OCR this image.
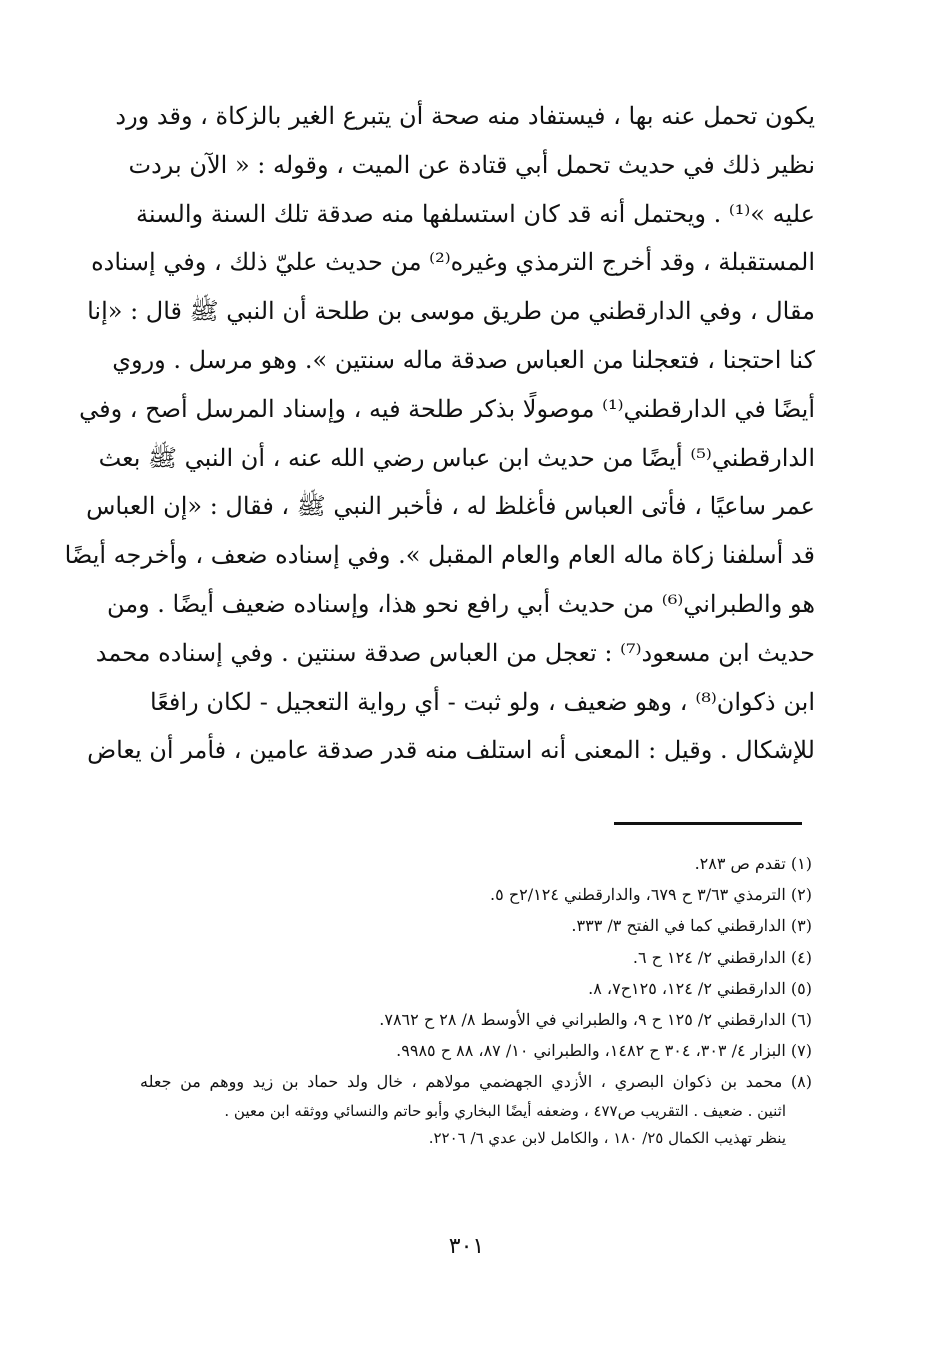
يكون تحمل عنه بها ، فيستفاد منه صحة أن يتبرع الغير بالزكاة ، وقد ورد
نظير ذلك في حديث تحمل أبي قتادة عن الميت ، وقوله : « الآن بردت
عليه »⁽¹⁾ . ويحتمل أنه قد كان استسلفها منه صدقة تلك السنة والسنة
المستقبلة ، وقد أخرج الترمذي وغيره⁽²⁾ من حديث عليّ ذلك ، وفي إسناده
مقال ، وفي الدارقطني من طريق موسى بن طلحة أن النبي ﷺ قال : «إنا
كنا احتجنا ، فتعجلنا من العباس صدقة ماله سنتين ». وهو مرسل . وروي
أيضًا في الدارقطني⁽¹⁾ موصولًا بذكر طلحة فيه ، وإسناد المرسل أصح ، وفي
الدارقطني⁽⁵⁾ أيضًا من حديث ابن عباس رضي الله عنه ، أن النبي ﷺ بعث
عمر ساعيًا ، فأتى العباس فأغلظ له ، فأخبر النبي ﷺ ، فقال : «إن العباس
قد أسلفنا زكاة ماله العام والعام المقبل ». وفي إسناده ضعف ، وأخرجه أيضًا
هو والطبراني⁽⁶⁾ من حديث أبي رافع نحو هذا، وإسناده ضعيف أيضًا . ومن
حديث ابن مسعود⁽⁷⁾ : تعجل من العباس صدقة سنتين . وفي إسناده محمد
ابن ذكوان⁽⁸⁾ ، وهو ضعيف ، ولو ثبت - أي رواية التعجيل - لكان رافعًا
للإشكال . وقيل : المعنى أنه استلف منه قدر صدقة عامين ، فأمر أن يعاض
(١) تقدم ص ٢٨٣.
(٢) الترمذي ٣/٦٣ ح ٦٧٩، والدارقطني ٢/١٢٤ح ٥.
(٣) الدارقطني كما في الفتح ٣/ ٣٣٣.
(٤) الدارقطني ٢/ ١٢٤ ح ٦.
(٥) الدارقطني ٢/ ١٢٤، ١٢٥ح٧، ٨.
(٦) الدارقطني ٢/ ١٢٥ ح ٩، والطبراني في الأوسط ٨/ ٢٨ ح ٧٨٦٢.
(٧) البزار ٤/ ٣٠٣، ٣٠٤ ح ١٤٨٢، والطبراني ١٠/ ٨٧، ٨٨ ح ٩٩٨٥.
(٨) محمد بن ذكوان البصري ، الأزدي الجهضمي مولاهم ، خال ولد حماد بن زيد ووهم من جعله
اثنين . ضعيف . التقريب ص٤٧٧ ، وضعفه أيضًا البخاري وأبو حاتم والنسائي ووثقه ابن معين .
ينظر تهذيب الكمال ٢٥/ ١٨٠ ، والكامل لابن عدي ٦/ ٢٢٠٦.
٣٠١
